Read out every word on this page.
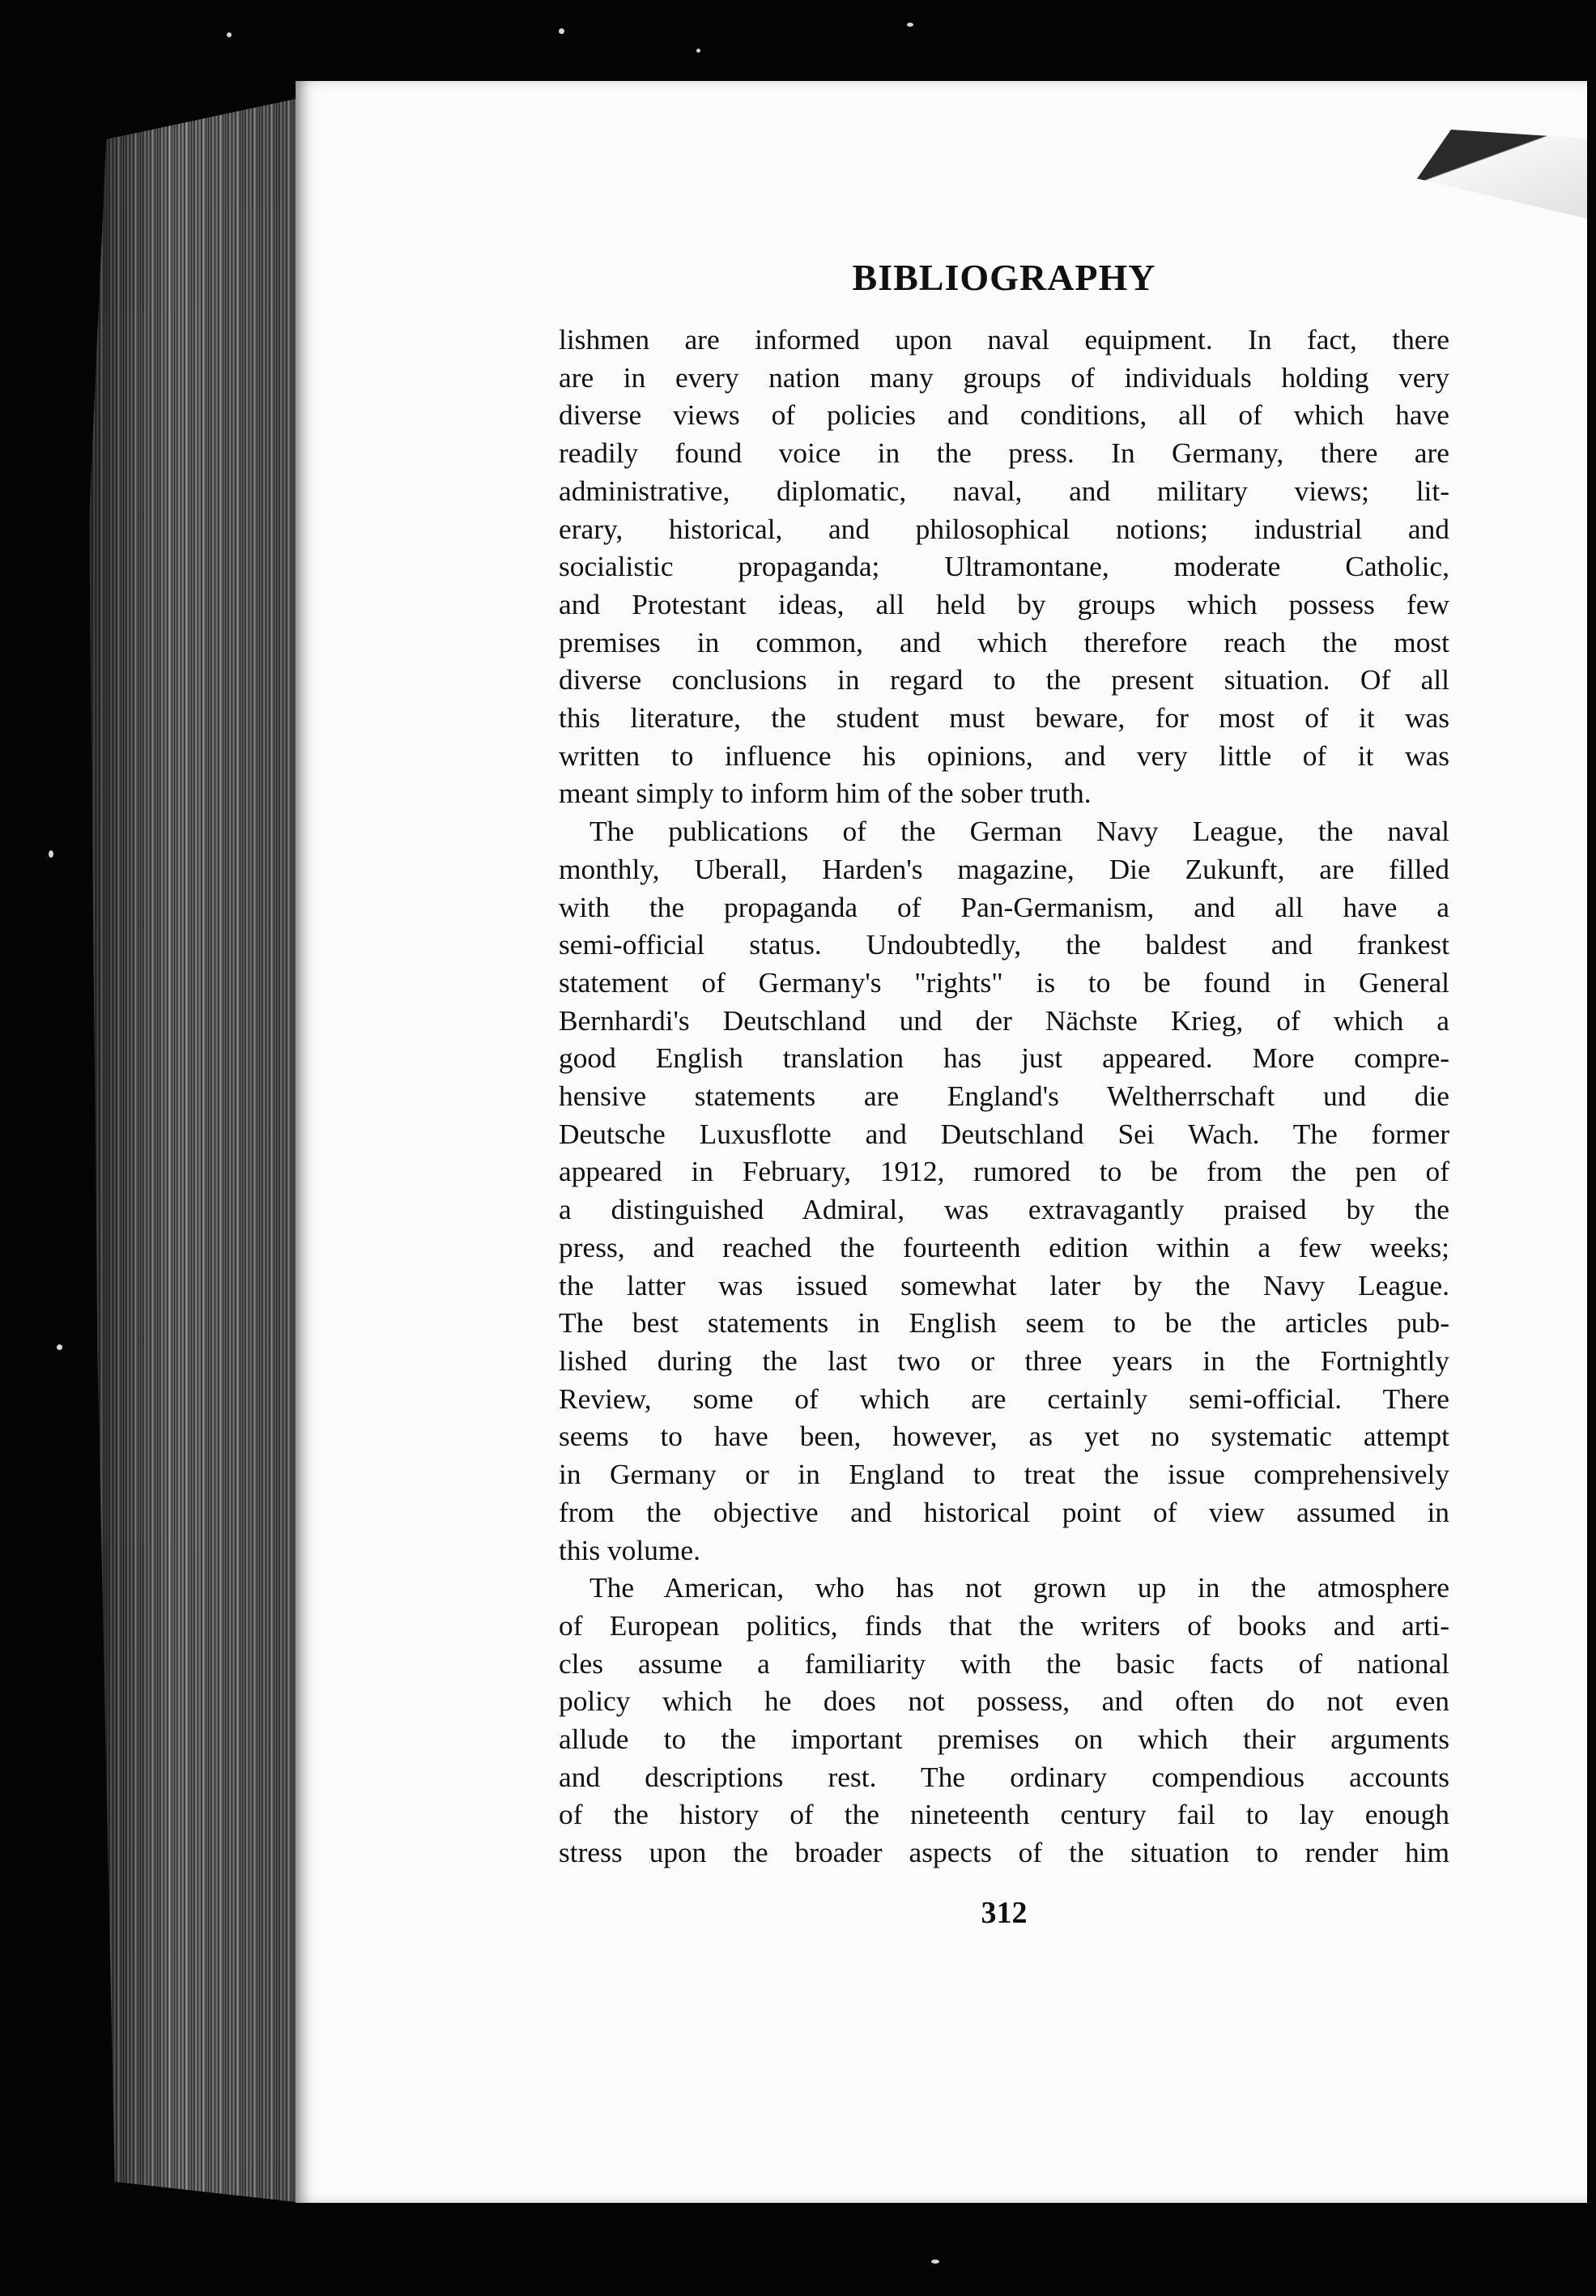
BIBLIOGRAPHY

lishmen are informed upon naval equipment. In fact, there
are in every nation many groups of individuals holding very
diverse views of policies and conditions, all of which have
readily found voice in the press. In Germany, there are
administrative, diplomatic, naval, and military views; lit-
erary, historical, and philosophical notions; industrial and
socialistic propaganda; Ultramontane, moderate Catholic,
and Protestant ideas, all held by groups which possess few
premises in common, and which therefore reach the most
diverse conclusions in regard to the present situation. Of all
this literature, the student must beware, for most of it was
written to influence his opinions, and very little of it was
meant simply to inform him of the sober truth.

The publications of the German Navy League, the naval
monthly, Uberall, Harden's magazine, Die Zukunft, are filled
with the propaganda of Pan-Germanism, and all have a
semi-official status. Undoubtedly, the baldest and frankest
statement of Germany's "rights" is to be found in General
Bernhardi's Deutschland und der Nächste Krieg, of which a
good English translation has just appeared. More compre-
hensive statements are England's Weltherrschaft und die
Deutsche Luxusflotte and Deutschland Sei Wach. The former
appeared in February, 1912, rumored to be from the pen of
a distinguished Admiral, was extravagantly praised by the
press, and reached the fourteenth edition within a few weeks;
the latter was issued somewhat later by the Navy League.
The best statements in English seem to be the articles pub-
lished during the last two or three years in the Fortnightly
Review, some of which are certainly semi-official. There
seems to have been, however, as yet no systematic attempt
in Germany or in England to treat the issue comprehensively
from the objective and historical point of view assumed in
this volume.

The American, who has not grown up in the atmosphere
of European politics, finds that the writers of books and arti-
cles assume a familiarity with the basic facts of national
policy which he does not possess, and often do not even
allude to the important premises on which their arguments
and descriptions rest. The ordinary compendious accounts
of the history of the nineteenth century fail to lay enough
stress upon the broader aspects of the situation to render him

312
